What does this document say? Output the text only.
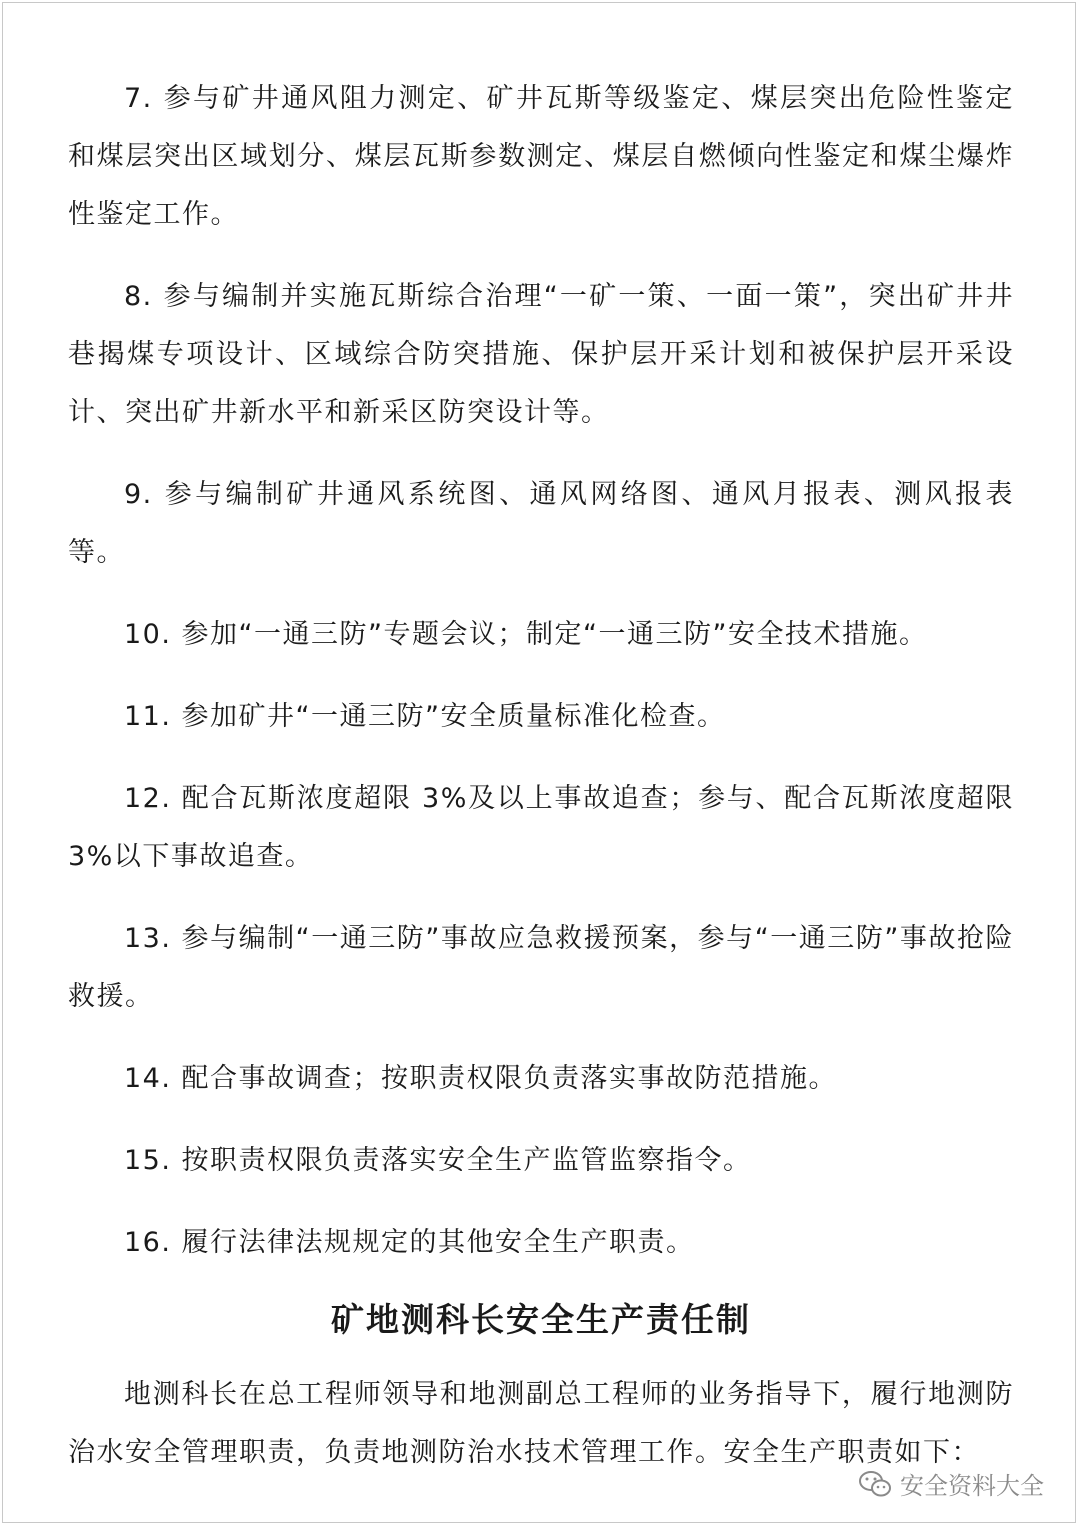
7. 参与矿井通风阻力测定、矿井瓦斯等级鉴定、煤层突出危险性鉴定和煤层突出区域划分、煤层瓦斯参数测定、煤层自燃倾向性鉴定和煤尘爆炸性鉴定工作。

8. 参与编制并实施瓦斯综合治理“一矿一策、一面一策”，突出矿井井巷揭煤专项设计、区域综合防突措施、保护层开采计划和被保护层开采设计、突出矿井新水平和新采区防突设计等。

9. 参与编制矿井通风系统图、通风网络图、通风月报表、测风报表等。

10. 参加“一通三防”专题会议；制定“一通三防”安全技术措施。

11. 参加矿井“一通三防”安全质量标准化检查。

12. 配合瓦斯浓度超限 3%及以上事故追查；参与、配合瓦斯浓度超限3%以下事故追查。

13. 参与编制“一通三防”事故应急救援预案，参与“一通三防”事故抢险救援。

14. 配合事故调查；按职责权限负责落实事故防范措施。

15. 按职责权限负责落实安全生产监管监察指令。

16. 履行法律法规规定的其他安全生产职责。

矿地测科长安全生产责任制

地测科长在总工程师领导和地测副总工程师的业务指导下，履行地测防治水安全管理职责，负责地测防治水技术管理工作。安全生产职责如下：

安全资料大全
